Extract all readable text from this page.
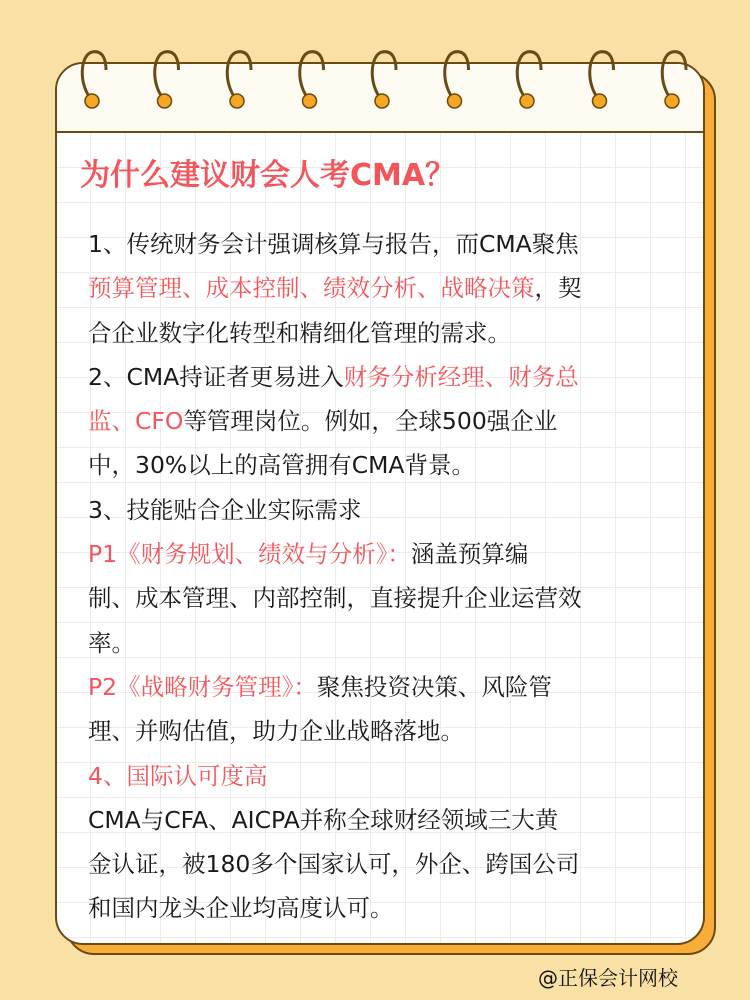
为什么建议财会人考CMA？
1、传统财务会计强调核算与报告，而CMA聚焦
预算管理、成本控制、绩效分析、战略决策，契
合企业数字化转型和精细化管理的需求。
2、CMA持证者更易进入财务分析经理、财务总
监、CFO等管理岗位。例如，全球500强企业
中，30%以上的高管拥有CMA背景。
3、技能贴合企业实际需求
P1《财务规划、绩效与分析》：涵盖预算编
制、成本管理、内部控制，直接提升企业运营效
率。
P2《战略财务管理》：聚焦投资决策、风险管
理、并购估值，助力企业战略落地。
4、国际认可度高
CMA与CFA、AICPA并称全球财经领域三大黄
金认证，被180多个国家认可，外企、跨国公司
和国内龙头企业均高度认可。
@正保会计网校
